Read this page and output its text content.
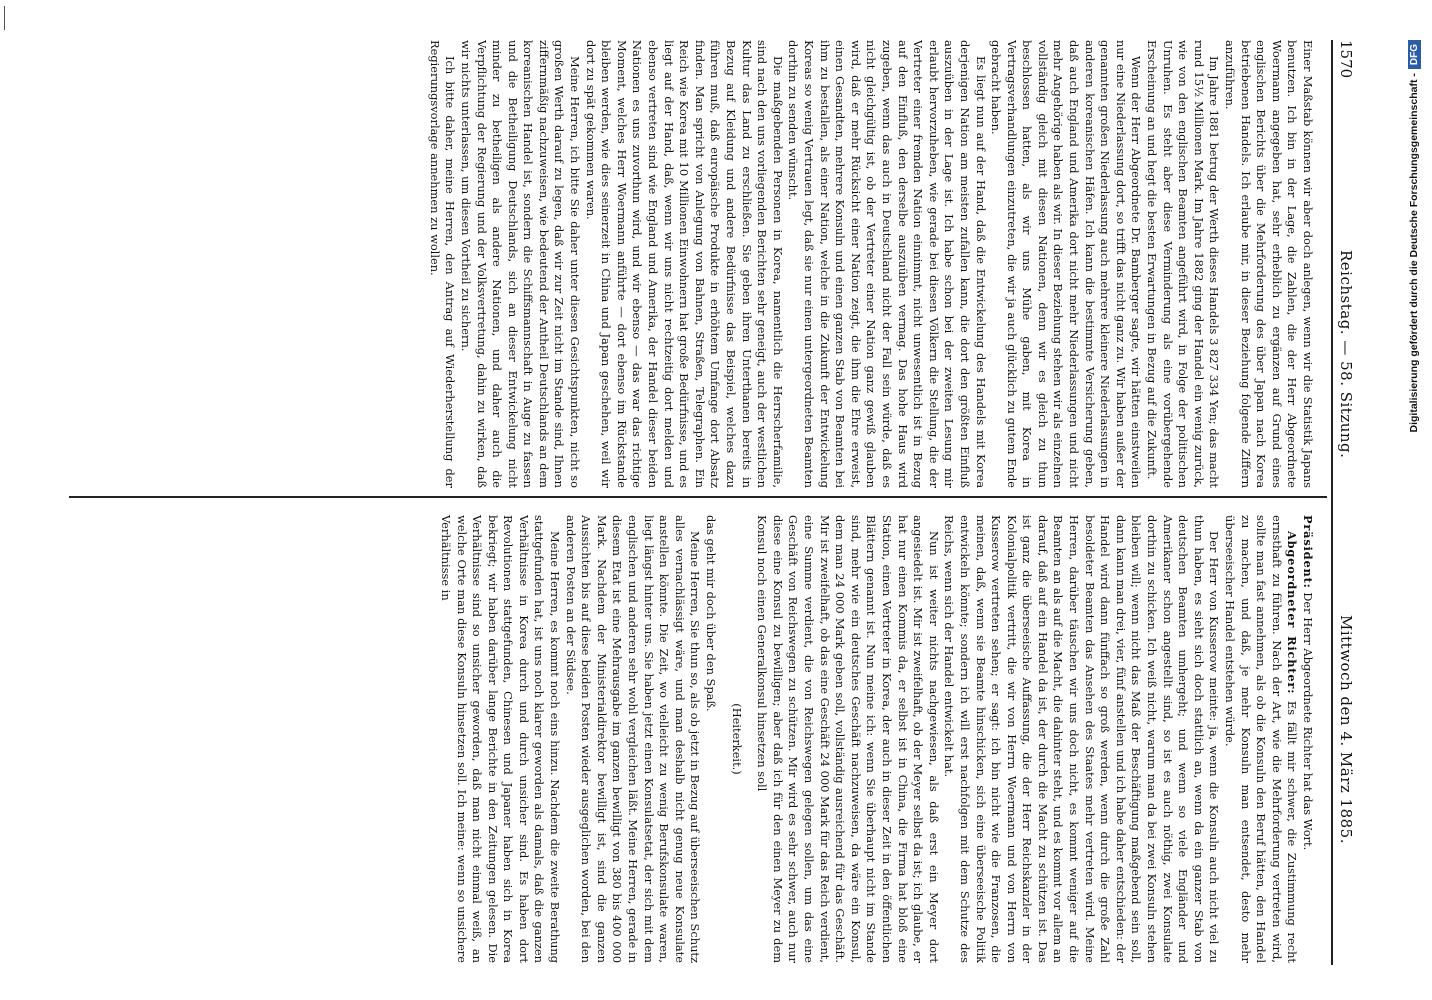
1570
Reichstag. — 58. Sitzung.
Mittwoch den 4. März 1885.

Einer Maßstab können wir aber doch anlegen, wenn wir die Statistik Japans benutzen. Ich bin in der Lage, die Zahlen, die der Herr Abgeordnete Woermann angegeben hat, sehr erheblich zu ergänzen auf Grund eines englischen Berichts über die Mehrforderung des über Japan nach Korea betriebenen Handels. Ich erlaube mir, in dieser Beziehung folgende Ziffern anzuführen.

Im Jahre 1881 betrug der Werth dieses Handels 3 827 334 Yen; das macht rund 15½ Millionen Mark. Im Jahre 1882 ging der Handel ein wenig zurück, wie von den englischen Beamten angeführt wird, in Folge der politischen Unruhen. Es steht aber diese Verminderung als eine vorübergehende Erscheinung an und hegt die besten Erwartungen in Bezug auf die Zukunft.

Wenn der Herr Abgeordnete Dr. Bamberger sagte, wir hätten einstweilen nur eine Niederlassung dort, so trifft das nicht ganz zu. Wir haben außer der genannten großen Niederlassung auch mehrere kleinere Niederlassungen in anderen koreanischen Häfen. Ich kann die bestimmte Versicherung geben, daß auch England und Amerika dort nicht mehr Niederlassungen und nicht mehr Angehörige haben als wir. In dieser Beziehung stehen wir als einzelnen vollständig gleich mit diesen Nationen, denn wir es gleich zu thun beschlossen hatten, als wir uns Mühe gaben, mit Korea in Vertragsverhandlungen einzutreten, die wir ja auch glücklich zu gutem Ende gebracht haben.

Es liegt nun auf der Hand, daß die Entwickelung des Handels mit Korea derjenigen Nation am meisten zufallen kann, die dort den größten Einfluß auszuüben in der Lage ist. Ich habe schon bei der zweiten Lesung mir erlaubt hervorzuheben, wie gerade bei diesen Völkern die Stellung, die der Vertreter einer fremden Nation einnimmt, nicht unwesentlich ist in Bezug auf den Einfluß, den derselbe auszuüben vermag. Das hohe Haus wird zugeben, wenn das auch in Deutschland nicht der Fall sein würde, daß es nicht gleichgültig ist, ob der Vertreter einer Nation ganz gewiß glauben wird, daß er mehr Rücksicht einer Nation zeigt, die ihm die Ehre erweist, einen Gesandten, mehrere Konsuln und einen ganzen Stab von Beamten bei ihm zu bestallen, als einer Nation, welche in die Zukunft der Entwickelung Koreas so wenig Vertrauen legt, daß sie nur einen untergeordneten Beamten dorthin zu senden wünscht.

Die maßgebenden Personen in Korea, namentlich die Herrscherfamilie, sind nach den uns vorliegenden Berichten sehr geneigt, auch der westlichen Kultur das Land zu erschließen. Sie geben ihren Unterthanen bereits in Bezug auf Kleidung und andere Bedürfnisse das Beispiel, welches dazu führen muß, daß europäische Produkte in erhöhtem Umfange dort Absatz finden. Man spricht von Anlegung von Bahnen, Straßen, Telegraphen. Ein Reich wie Korea mit 10 Millionen Einwohnern hat große Bedürfnisse, und es liegt auf der Hand, daß, wenn wir uns nicht rechtzeitig dort melden und ebenso vertreten sind wie England und Amerika, der Handel dieser beiden Nationen es uns zuvorthun wird, und wir ebenso — das war das richtige Moment, welches Herr Woermann anführte — dort ebenso im Rückstande bleiben werden, wie dies seinerzeit in China und Japan geschehen, weil wir dort zu spät gekommen waren.

Meine Herren, ich bitte Sie daher unter diesen Gesichtspunkten, nicht so großen Werth darauf zu legen, daß wir zur Zeit nicht im Stande sind, Ihnen ziffernmäßig nachzuweisen, wie bedeutend der Antheil Deutschlands an dem koreanischen Handel ist, sondern die Schiffsmannschaft in Auge zu fassen und die Betheiligung Deutschlands, sich an dieser Entwickelung nicht minder zu betheiligen als andere Nationen, und daher auch die Verpflichtung der Regierung und der Volksvertretung, dahin zu wirken, daß wir nichts unterlassen, um diesen Vortheil zu sichern.

Ich bitte daher, meine Herren, den Antrag auf Wiederherstellung der Regierungsvorlage annehmen zu wollen.

Präsident: Der Herr Abgeordnete Richter hat das Wort.

Abgeordneter Richter: Es fällt mir schwer, die Zustimmung recht ernsthaft zu führen. Nach der Art, wie die Mehrforderung vertreten wird, sollte man fast annehmen, als ob die Konsuln den Beruf hätten, den Handel zu machen, und daß, je mehr Konsuln man entsendet, desto mehr überseeischer Handel entstehen würde.

Der Herr von Kusserow meinte: ja, wenn die Konsuln auch nicht viel zu thun haben, es sieht sich doch stattlich an, wenn da ein ganzer Stab von deutschen Beamten umhergeht; und wenn so viele Engländer und Amerikaner schon angestellt sind, so ist es auch nöthig, zwei Konsulate dorthin zu schicken. Ich weiß nicht, warum man da bei zwei Konsuln stehen bleiben will; wenn nicht das Maß der Beschäftigung maßgebend sein soll, dann kann man drei, vier, fünf anstellen und ich habe daher entschieden: der Handel wird dann fünffach so groß werden, wenn durch die große Zahl besoldeter Beamten das Ansehen des Staates mehr vertreten wird. Meine Herren, darüber täuschen wir uns doch nicht, es kommt weniger auf die Beamten an als auf die Macht, die dahinter steht, und es kommt vor allem an darauf, daß auf ein Handel da ist, der durch die Macht zu schützen ist. Das ist ganz die überseeische Auffassung, die der Herr Reichskanzler in der Kolonialpolitik vertritt, die wir von Herrn Woermann und von Herrn von Kusserow vertreten sehen; er sagt: ich bin nicht wie die Franzosen, die meinen, daß, wenn sie Beamte hinschicken, sich eine überseeische Politik entwickeln könnte; sondern ich will erst nachfolgen mit dem Schutze des Reichs, wenn sich der Handel entwickelt hat.

Nun ist weiter nichts nachgewiesen, als daß erst ein Meyer dort angesiedelt ist. Mir ist zweifelhaft, ob der Meyer selbst da ist; ich glaube, er hat nur einen Kommis da, er selbst ist in China, die Firma hat bloß eine Station, einen Vertreter in Korea, der auch in dieser Zeit in den öffentlichen Blättern genannt ist. Nun meine ich: wenn Sie überhaupt nicht im Stande sind, mehr wie ein deutsches Geschäft nachzuweisen, da wäre ein Konsul, dem man 24 000 Mark geben soll, vollständig ausreichend für das Geschäft. Mir ist zweifelhaft, ob das eine Geschäft 24 000 Mark für das Reich verdient, eine Summe verdient, die von Reichswegen gelegen sollen, um das eine Geschäft von Reichswegen zu schützen. Mir wird es sehr schwer, auch nur diese eine Konsul zu bewilligen; aber daß ich für den einen Meyer zu dem Konsul noch einen Generalkonsul hinsetzen soll

(Heiterkeit.)

das geht mir doch über den Spaß.

Meine Herren, Sie thun so, als ob jetzt in Bezug auf überseeischen Schutz alles vernachlässigt wäre, und man deshalb nicht genug neue Konsulate anstellen könnte. Die Zeit, wo vielleicht zu wenig Berufskonsulate waren, liegt längst hinter uns. Sie haben jetzt einen Konsulatsetat, der sich mit dem englischen und anderen sehr wohl vergleichen läßt. Meine Herren, gerade in diesem Etat ist eine Mehrausgabe im ganzen bewilligt von 380 bis 400 000 Mark. Nachdem der Ministerialdirektor bewilligt ist, sind die ganzen Aussichten bis auf diese beiden Posten wieder ausgeglichen worden, bei den anderen Posten an der Südsee.

Meine Herren, es kommt noch eins hinzu. Nachdem die zweite Berathung stattgefunden hat, ist uns noch klarer geworden als damals, daß die ganzen Verhältnisse in Korea durch und durch unsicher sind. Es haben dort Revolutionen stattgefunden, Chinesen und Japaner haben sich in Korea bekriegt; wir haben darüber lange Berichte in den Zeitungen gelesen. Die Verhältnisse sind so unsicher geworden, daß man nicht einmal weiß, an welche Orte man diese Konsuln hinsetzen soll. Ich meine: wenn so unsichere Verhältnisse in

Digitalisierung gefördert durch die Deutsche Forschungsgemeinschaft -
DFG
